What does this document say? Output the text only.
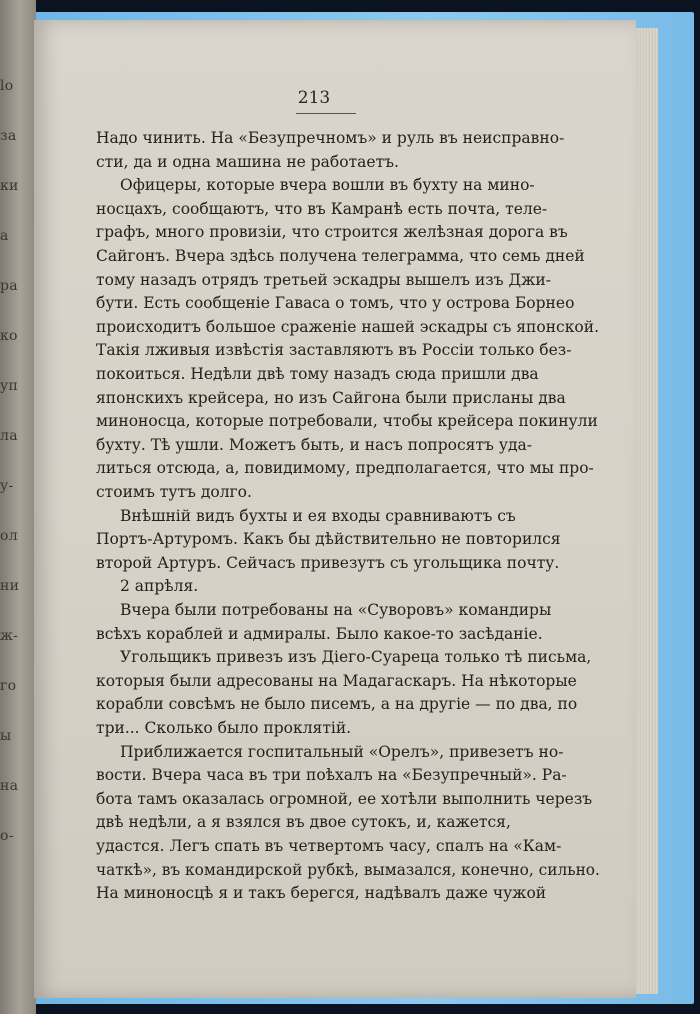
lo
за
ки
а
ра
ко
уп
ла
у-
ол
ни
ж-
го
ы
на
о-
213
Надо чинить. На «Безупречномъ» и руль въ неисправно-
сти, да и одна машина не работаетъ.
Офицеры, которые вчера вошли въ бухту на мино-
носцахъ, сообщаютъ, что въ Камранѣ есть почта, теле-
графъ, много провизіи, что строится желѣзная дорога въ
Сайгонъ. Вчера здѣсь получена телеграмма, что семь дней
тому назадъ отрядъ третьей эскадры вышелъ изъ Джи-
бути. Есть сообщеніе Гаваса о томъ, что у острова Борнео
происходитъ большое сраженіе нашей эскадры съ японской.
Такія лживыя извѣстія заставляютъ въ Россіи только без-
покоиться. Недѣли двѣ тому назадъ сюда пришли два
японскихъ крейсера, но изъ Сайгона были присланы два
миноносца, которые потребовали, чтобы крейсера покинули
бухту. Тѣ ушли. Можетъ быть, и насъ попросятъ уда-
литься отсюда, а, повидимому, предполагается, что мы про-
стоимъ тутъ долго.
Внѣшній видъ бухты и ея входы сравниваютъ съ
Портъ-Артуромъ. Какъ бы дѣйствительно не повторился
второй Артуръ. Сейчасъ привезутъ съ угольщика почту.
2 апрѣля.
Вчера были потребованы на «Суворовъ» командиры
всѣхъ кораблей и адмиралы. Было какое-то засѣданіе.
Угольщикъ привезъ изъ Діего-Суареца только тѣ письма,
которыя были адресованы на Мадагаскаръ. На нѣкоторые
корабли совсѣмъ не было писемъ, а на другіе — по два, по
три... Сколько было проклятій.
Приближается госпитальный «Орелъ», привезетъ но-
вости. Вчера часа въ три поѣхалъ на «Безупречный». Ра-
бота тамъ оказалась огромной, ее хотѣли выполнить черезъ
двѣ недѣли, а я взялся въ двое сутокъ, и, кажется,
удастся. Легъ спать въ четвертомъ часу, спалъ на «Кам-
чаткѣ», въ командирской рубкѣ, вымазался, конечно, сильно.
На миноносцѣ я и такъ берегся, надѣвалъ даже чужой
